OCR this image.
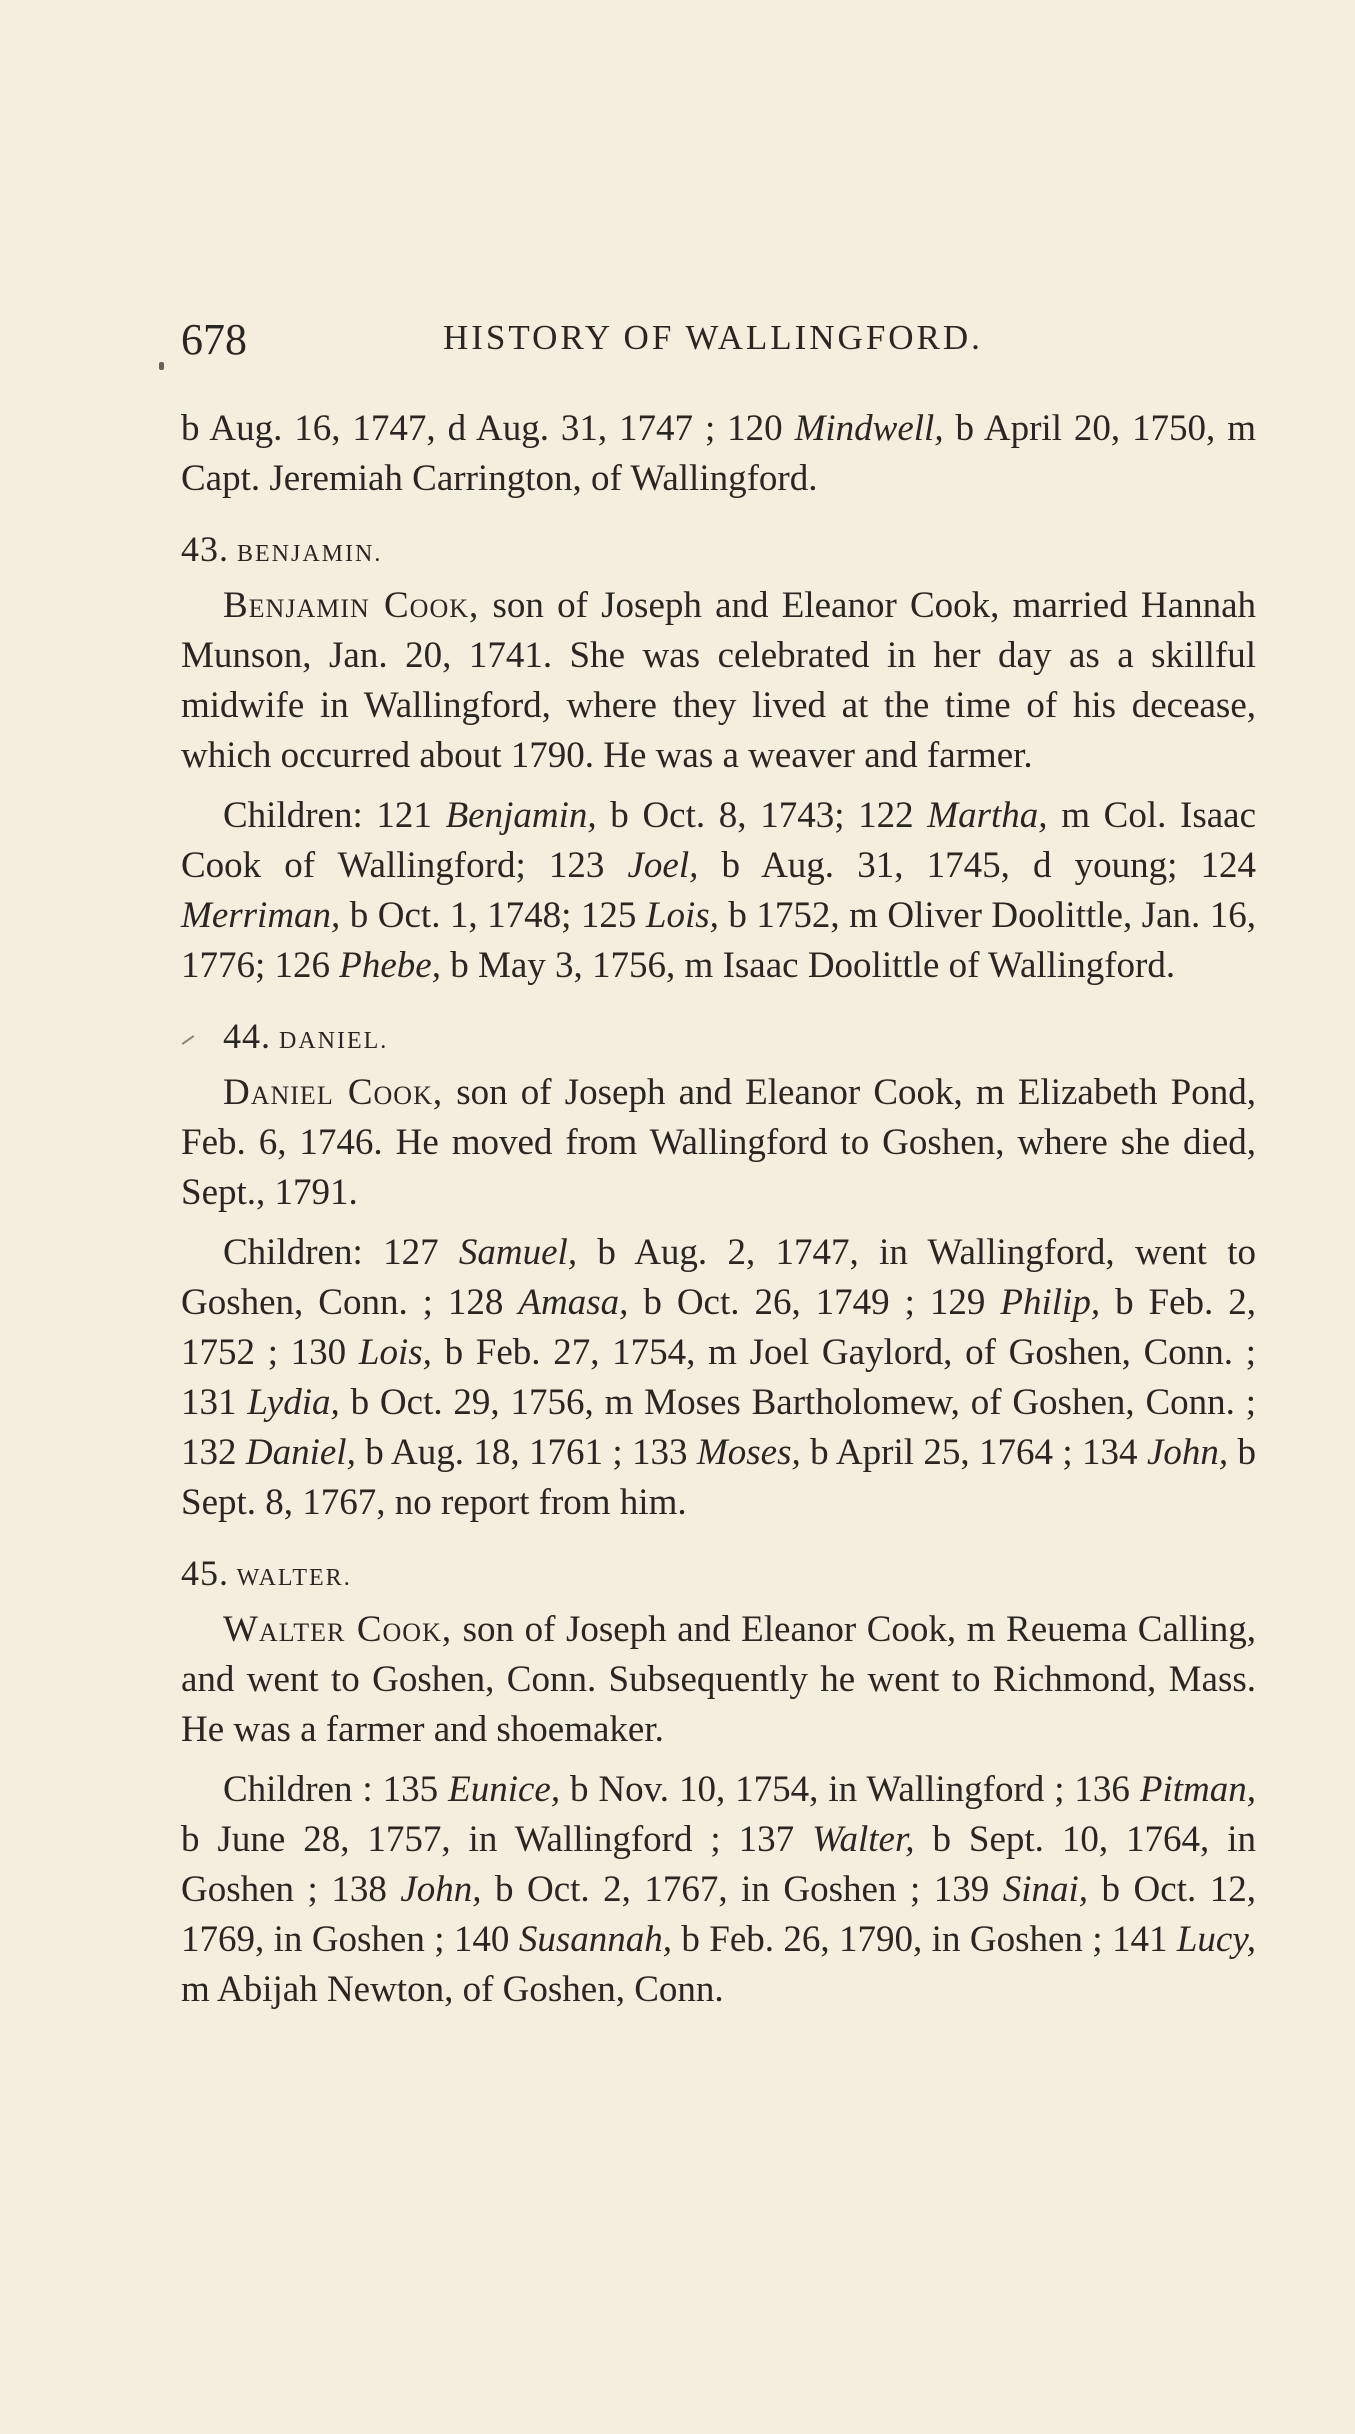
678	HISTORY OF WALLINGFORD.

b Aug. 16, 1747, d Aug. 31, 1747 ; 120 Mindwell, b April 20, 1750, m Capt. Jeremiah Carrington, of Wallingford.

43. BENJAMIN.

Benjamin Cook, son of Joseph and Eleanor Cook, married Hannah Munson, Jan. 20, 1741. She was celebrated in her day as a skillful midwife in Wallingford, where they lived at the time of his decease, which occurred about 1790. He was a weaver and farmer.

Children: 121 Benjamin, b Oct. 8, 1743; 122 Martha, m Col. Isaac Cook of Wallingford; 123 Joel, b Aug. 31, 1745, d young; 124 Merriman, b Oct. 1, 1748; 125 Lois, b 1752, m Oliver Doolittle, Jan. 16, 1776; 126 Phebe, b May 3, 1756, m Isaac Doolittle of Wallingford.

44. DANIEL.

Daniel Cook, son of Joseph and Eleanor Cook, m Elizabeth Pond, Feb. 6, 1746. He moved from Wallingford to Goshen, where she died, Sept., 1791.

Children: 127 Samuel, b Aug. 2, 1747, in Wallingford, went to Goshen, Conn. ; 128 Amasa, b Oct. 26, 1749 ; 129 Philip, b Feb. 2, 1752 ; 130 Lois, b Feb. 27, 1754, m Joel Gaylord, of Goshen, Conn. ; 131 Lydia, b Oct. 29, 1756, m Moses Bartholomew, of Goshen, Conn. ; 132 Daniel, b Aug. 18, 1761 ; 133 Moses, b April 25, 1764 ; 134 John, b Sept. 8, 1767, no report from him.

45. WALTER.

Walter Cook, son of Joseph and Eleanor Cook, m Reuema Calling, and went to Goshen, Conn. Subsequently he went to Richmond, Mass. He was a farmer and shoemaker.

Children : 135 Eunice, b Nov. 10, 1754, in Wallingford ; 136 Pitman, b June 28, 1757, in Wallingford ; 137 Walter, b Sept. 10, 1764, in Goshen ; 138 John, b Oct. 2, 1767, in Goshen ; 139 Sinai, b Oct. 12, 1769, in Goshen ; 140 Susannah, b Feb. 26, 1790, in Goshen ; 141 Lucy, m Abijah Newton, of Goshen, Conn.
